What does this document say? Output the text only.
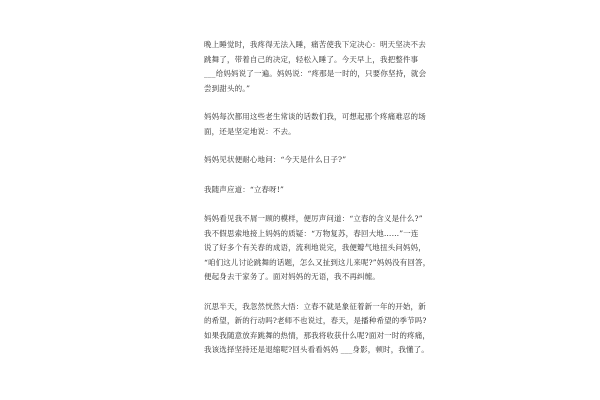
晚上睡觉时，我疼得无法入睡，痛苦使我下定决心：明天坚决不去
跳舞了，带着自己的决定，轻松入睡了。今天早上，我把整件事
___给妈妈说了一遍。妈妈说：“疼那是一时的，只要你坚持，就会
尝到甜头的。”

妈妈每次都用这些老生常谈的话数们我，可想起那个疼痛难忍的场
面，还是坚定地说：不去。

妈妈见状便耐心地问：“今天是什么日子?”

我随声应道：“立春呀!”

妈妈看见我不屑一顾的模样，便厉声问道：“立春的含义是什么?”
我不假思索地接上妈妈的质疑：“万物复苏，春回大地……”一连
说了好多个有关春的成语，流利地说完，我便瓣气地扭头问妈妈，
“咱们这儿讨论跳舞的话题，怎么又扯到这儿来呢?”妈妈没有回答，
便起身去干家务了。面对妈妈的无语，我不再纠缠。

沉思半天，我忽然恍然大悟：立春不就是象征着新一年的开始，新
的希望，新的行动吗?老师不也说过，春天，是播种希望的季节吗?
如果我随意放弃跳舞的热情，那我将收获什么呢?面对一时的疼痛，
我该选择坚持还是退缩呢?回头看看妈妈 ___身影，顿时，我懂了。
